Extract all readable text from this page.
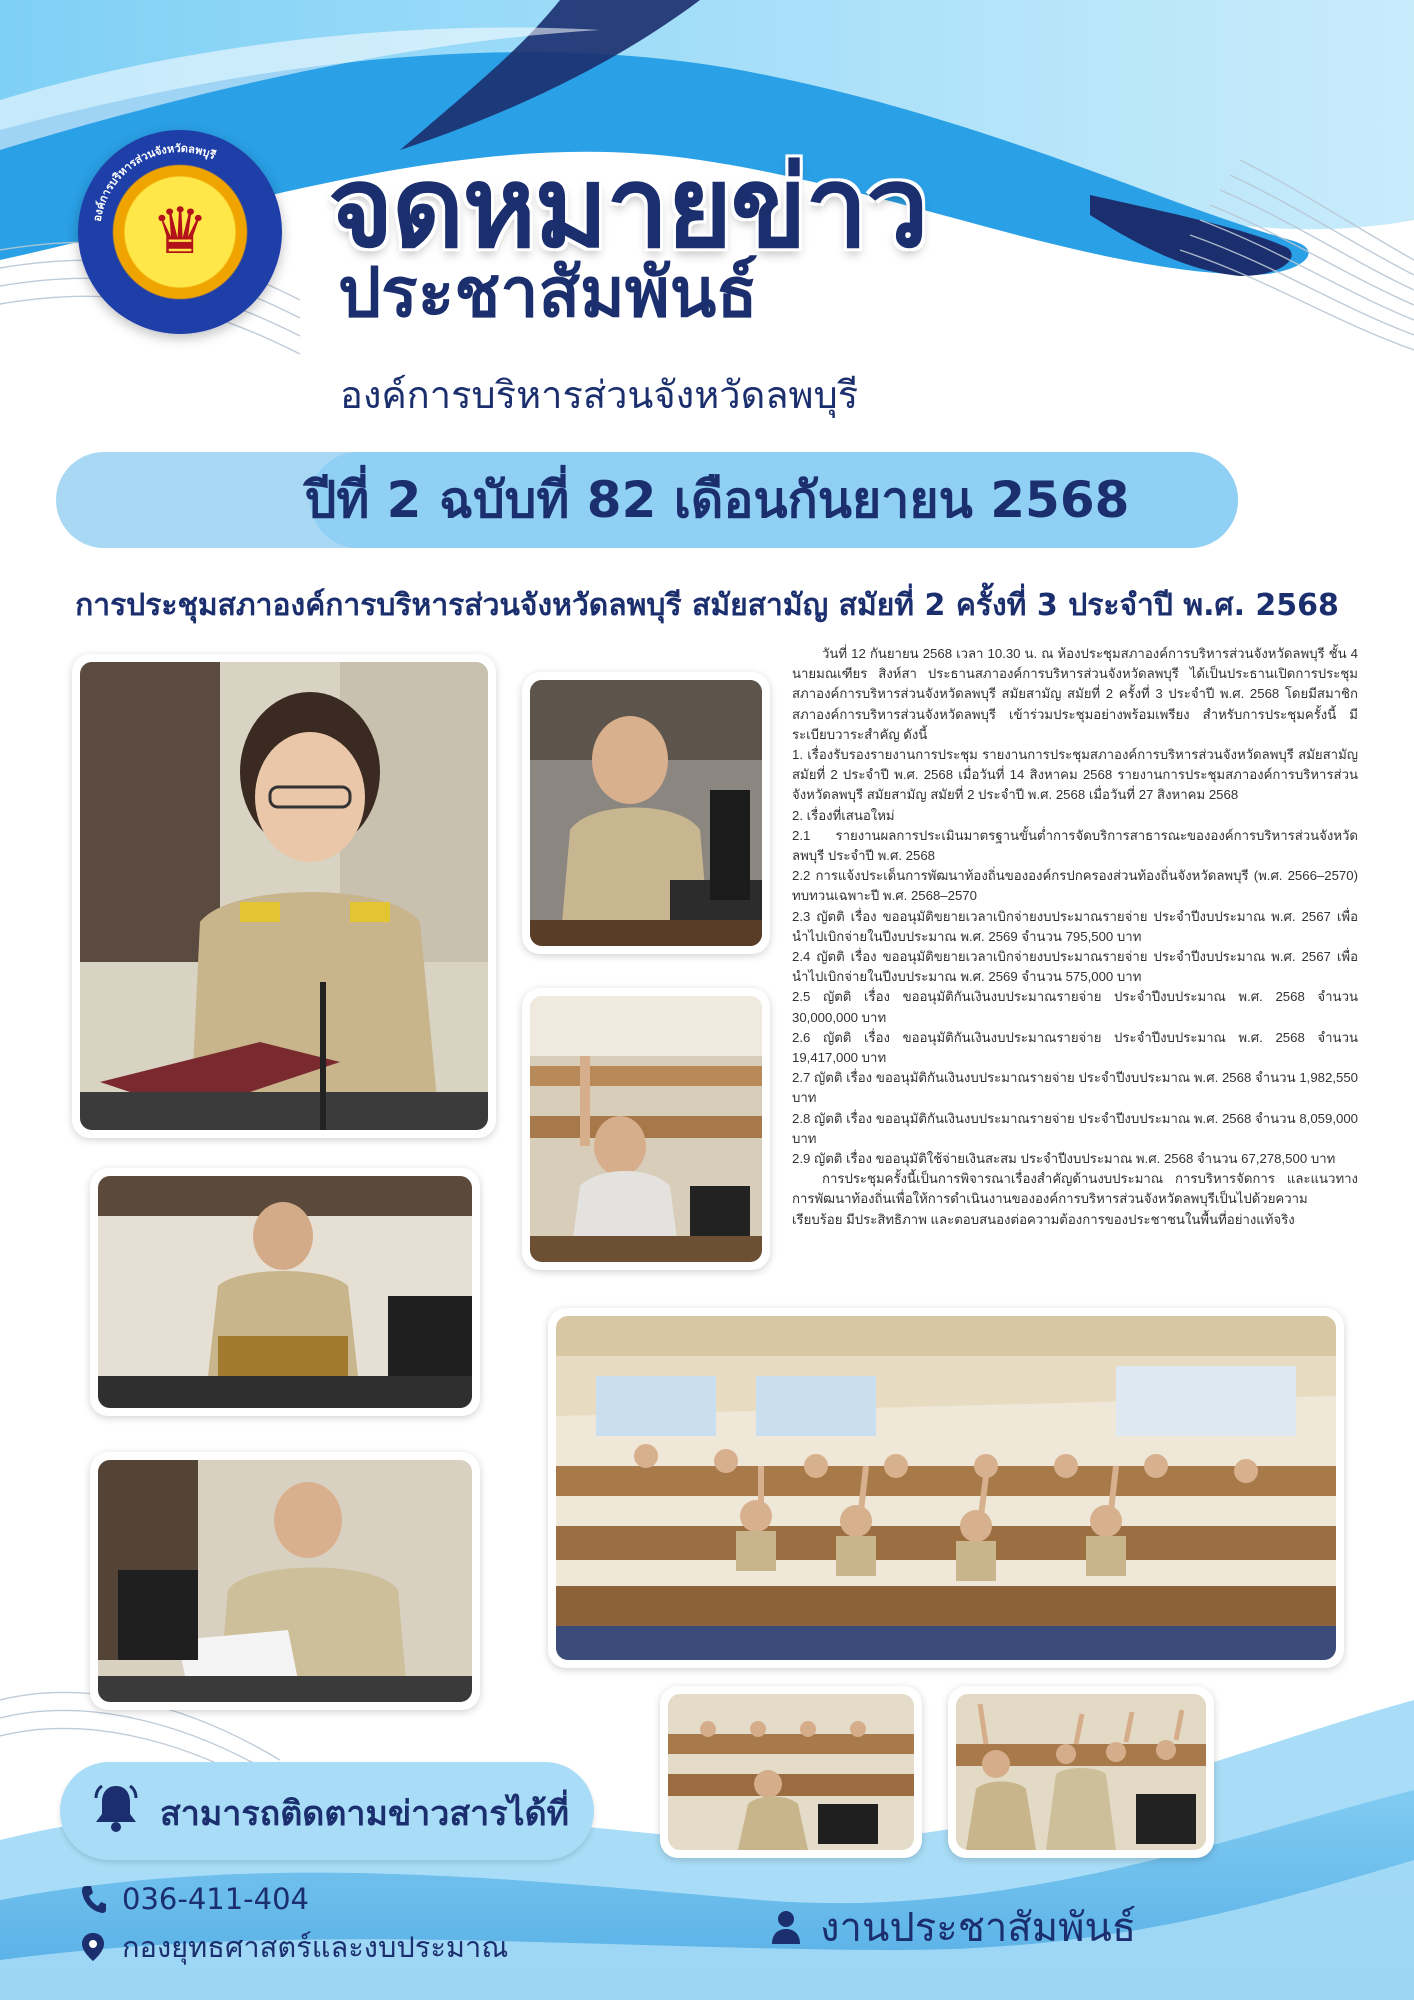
องค์การบริหารส่วนจังหวัดลพบุรี
♛ จดหมายข่าว
ประชาสัมพันธ์
องค์การบริหารส่วนจังหวัดลพบุรี
ปีที่ 2 ฉบับที่ 82 เดือนกันยายน 2568
การประชุมสภาองค์การบริหารส่วนจังหวัดลพบุรี สมัยสามัญ สมัยที่ 2 ครั้งที่ 3 ประจำปี พ.ศ. 2568

วันที่ 12 กันยายน 2568 เวลา 10.30 น. ณ ห้องประชุมสภาองค์การบริหารส่วนจังหวัดลพบุรี ชั้น 4 นายมณเฑียร สิงห์สา ประธานสภาองค์การบริหารส่วนจังหวัดลพบุรี ได้เป็นประธานเปิดการประชุมสภาองค์การบริหารส่วนจังหวัดลพบุรี สมัยสามัญ สมัยที่ 2 ครั้งที่ 3 ประจำปี พ.ศ. 2568 โดยมีสมาชิกสภาองค์การบริหารส่วนจังหวัดลพบุรี เข้าร่วมประชุมอย่างพร้อมเพรียง สำหรับการประชุมครั้งนี้ มีระเบียบวาระสำคัญ ดังนี้

1. เรื่องรับรองรายงานการประชุม รายงานการประชุมสภาองค์การบริหารส่วนจังหวัดลพบุรี สมัยสามัญ สมัยที่ 2 ประจำปี พ.ศ. 2568 เมื่อวันที่ 14 สิงหาคม 2568 รายงานการประชุมสภาองค์การบริหารส่วนจังหวัดลพบุรี สมัยสามัญ สมัยที่ 2 ประจำปี พ.ศ. 2568 เมื่อวันที่ 27 สิงหาคม 2568

2. เรื่องที่เสนอใหม่

2.1 รายงานผลการประเมินมาตรฐานขั้นต่ำการจัดบริการสาธารณะขององค์การบริหารส่วนจังหวัดลพบุรี ประจำปี พ.ศ. 2568

2.2 การแจ้งประเด็นการพัฒนาท้องถิ่นขององค์กรปกครองส่วนท้องถิ่นจังหวัดลพบุรี (พ.ศ. 2566–2570) ทบทวนเฉพาะปี พ.ศ. 2568–2570

2.3 ญัตติ เรื่อง ขออนุมัติขยายเวลาเบิกจ่ายงบประมาณรายจ่าย ประจำปีงบประมาณ พ.ศ. 2567 เพื่อนำไปเบิกจ่ายในปีงบประมาณ พ.ศ. 2569 จำนวน 795,500 บาท

2.4 ญัตติ เรื่อง ขออนุมัติขยายเวลาเบิกจ่ายงบประมาณรายจ่าย ประจำปีงบประมาณ พ.ศ. 2567 เพื่อนำไปเบิกจ่ายในปีงบประมาณ พ.ศ. 2569 จำนวน 575,000 บาท

2.5 ญัตติ เรื่อง ขออนุมัติกันเงินงบประมาณรายจ่าย ประจำปีงบประมาณ พ.ศ. 2568 จำนวน 30,000,000 บาท

2.6 ญัตติ เรื่อง ขออนุมัติกันเงินงบประมาณรายจ่าย ประจำปีงบประมาณ พ.ศ. 2568 จำนวน 19,417,000 บาท

2.7 ญัตติ เรื่อง ขออนุมัติกันเงินงบประมาณรายจ่าย ประจำปีงบประมาณ พ.ศ. 2568 จำนวน 1,982,550 บาท

2.8 ญัตติ เรื่อง ขออนุมัติกันเงินงบประมาณรายจ่าย ประจำปีงบประมาณ พ.ศ. 2568 จำนวน 8,059,000 บาท

2.9 ญัตติ เรื่อง ขออนุมัติใช้จ่ายเงินสะสม ประจำปีงบประมาณ พ.ศ. 2568 จำนวน 67,278,500 บาท

การประชุมครั้งนี้เป็นการพิจารณาเรื่องสำคัญด้านงบประมาณ การบริหารจัดการ และแนวทางการพัฒนาท้องถิ่นเพื่อให้การดำเนินงานขององค์การบริหารส่วนจังหวัดลพบุรีเป็นไปด้วยความเรียบร้อย มีประสิทธิภาพ และตอบสนองต่อความต้องการของประชาชนในพื้นที่อย่างแท้จริง

สามารถติดตามข่าวสารได้ที่
036-411-404
กองยุทธศาสตร์และงบประมาณ	งานประชาสัมพันธ์
